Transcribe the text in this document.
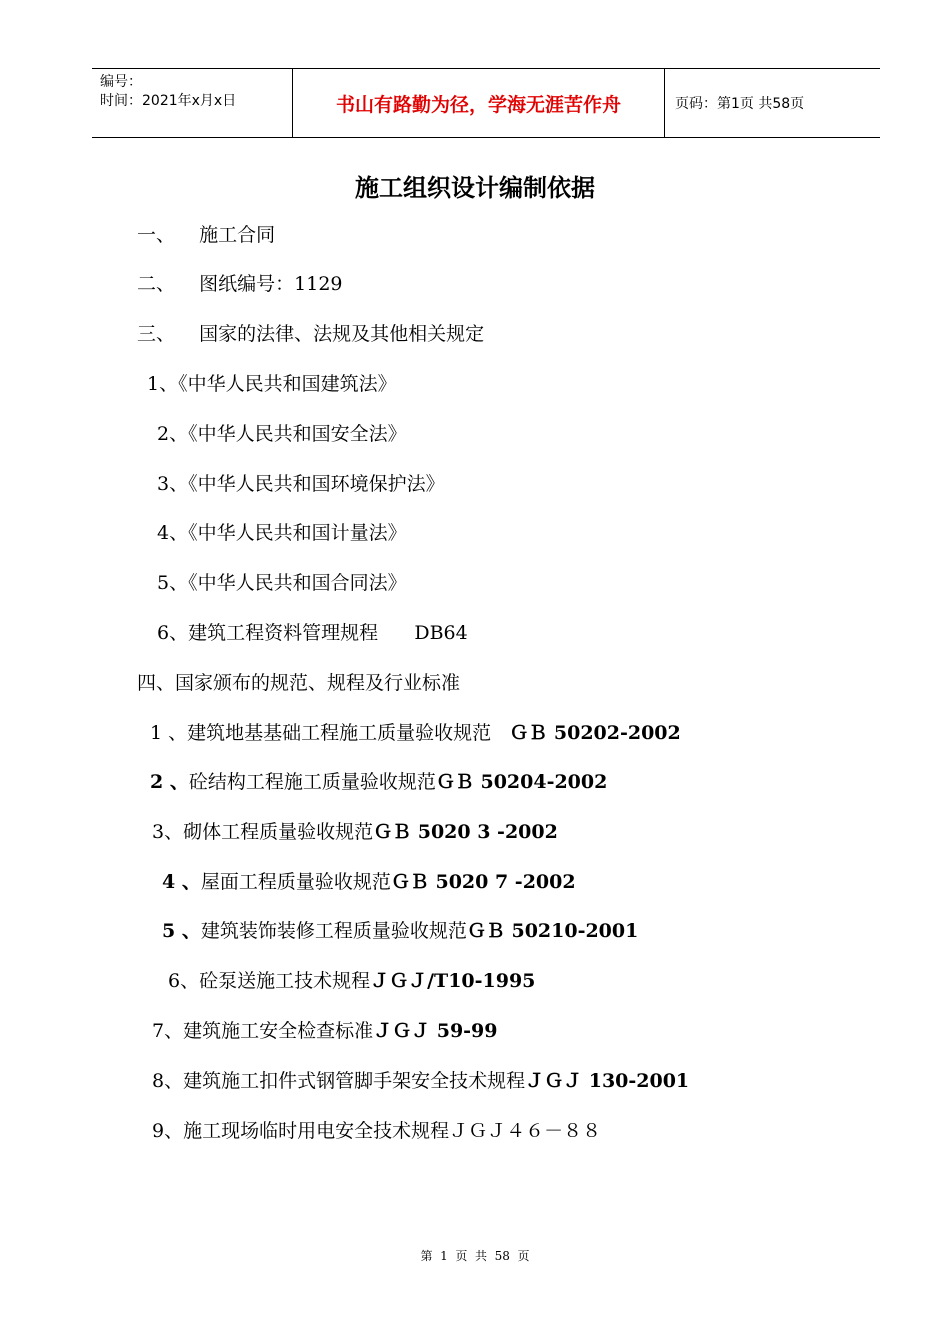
编号：
时间：2021年x月x日	书山有路勤为径，学海无涯苦作舟	页码：第1页 共58页
施工组织设计编制依据
一、    施工合同
二、    图纸编号：1129
三、    国家的法律、法规及其他相关规定
1、《中华人民共和国建筑法》
2、《中华人民共和国安全法》
3、《中华人民共和国环境保护法》
4、《中华人民共和国计量法》
5、《中华人民共和国合同法》
6、建筑工程资料管理规程      DB64
四、国家颁布的规范、规程及行业标准
1 、建筑地基基础工程施工质量验收规范   ＧＢ 50202-2002
2 、砼结构工程施工质量验收规范ＧＢ 50204-2002
3、砌体工程质量验收规范ＧＢ 5020 3 -2002
4 、屋面工程质量验收规范ＧＢ 5020 7 -2002
5 、建筑装饰装修工程质量验收规范ＧＢ 50210-2001
6、砼泵送施工技术规程ＪＧＪ/T10-1995
7、建筑施工安全检查标准ＪＧＪ 59-99
8、建筑施工扣件式钢管脚手架安全技术规程ＪＧＪ 130-2001
9、施工现场临时用电安全技术规程ＪＧＪ４６－８８
第  1  页  共  58  页
